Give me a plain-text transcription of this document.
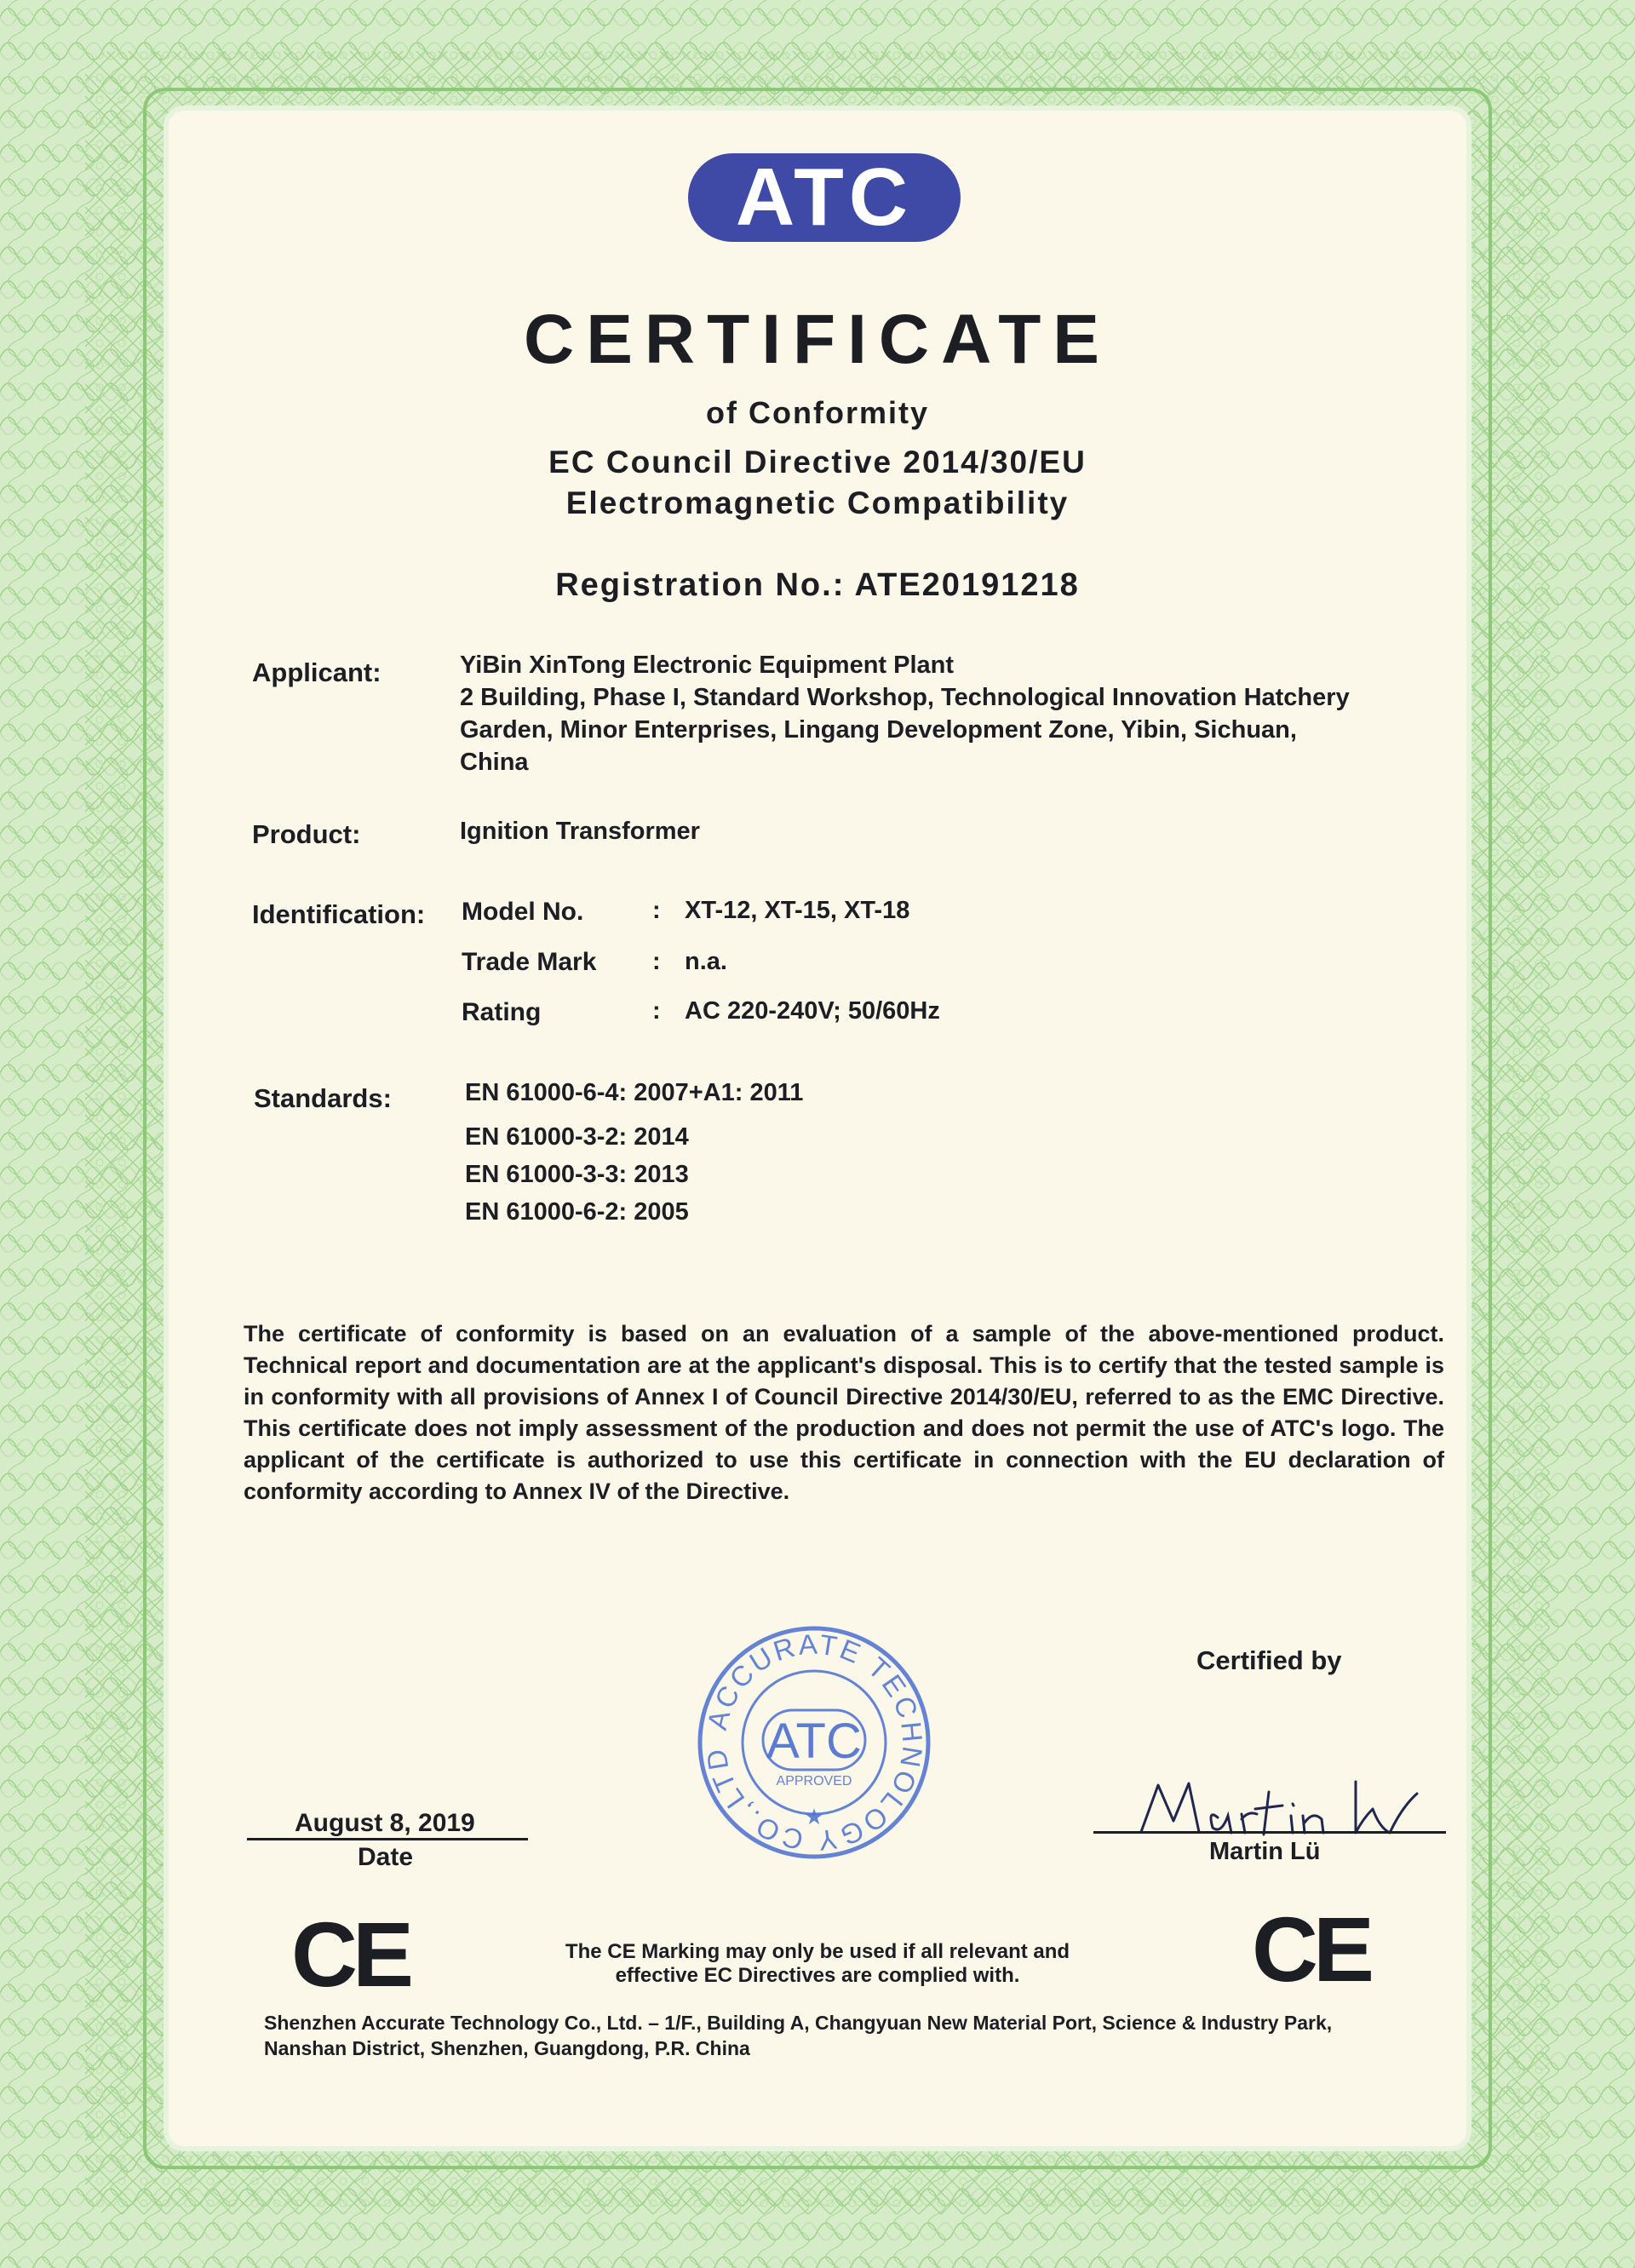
ATC
CERTIFICATE
of Conformity
EC Council Directive 2014/30/EU
Electromagnetic Compatibility
Registration No.: ATE20191218
Applicant:	YiBin XinTong Electronic Equipment Plant
2 Building, Phase I, Standard Workshop, Technological Innovation Hatchery
Garden, Minor Enterprises, Lingang Development Zone, Yibin, Sichuan,
China
Product:	Ignition Transformer
Identification: Model No.	: XT-12, XT-15, XT-18
Trade Mark : n.a.
Rating	: AC 220-240V; 50/60Hz
Standards:	EN 61000-6-4: 2007+A1: 2011
EN 61000-3-2: 2014
EN 61000-3-3: 2013
EN 61000-6-2: 2005
The certificate of conformity is based on an evaluation of a sample of the above-mentioned product. Technical report and documentation are at the applicant's disposal. This is to certify that the tested sample is in conformity with all provisions of Annex I of Council Directive 2014/30/EU, referred to as the EMC Directive. This certificate does not imply assessment of the production and does not permit the use of ATC's logo. The applicant of the certificate is authorized to use this certificate in connection with the EU declaration of conformity according to Annex IV of the Directive.
ACCURATE TECHNOLOGY CO.,LTD ATC
APPROVED
★
Certified by
Martin Lü
August 8, 2019
Date
CE	CE
The CE Marking may only be used if all relevant and
effective EC Directives are complied with.
Shenzhen Accurate Technology Co., Ltd. – 1/F., Building A, Changyuan New Material Port, Science & Industry Park,
Nanshan District, Shenzhen, Guangdong, P.R. China
